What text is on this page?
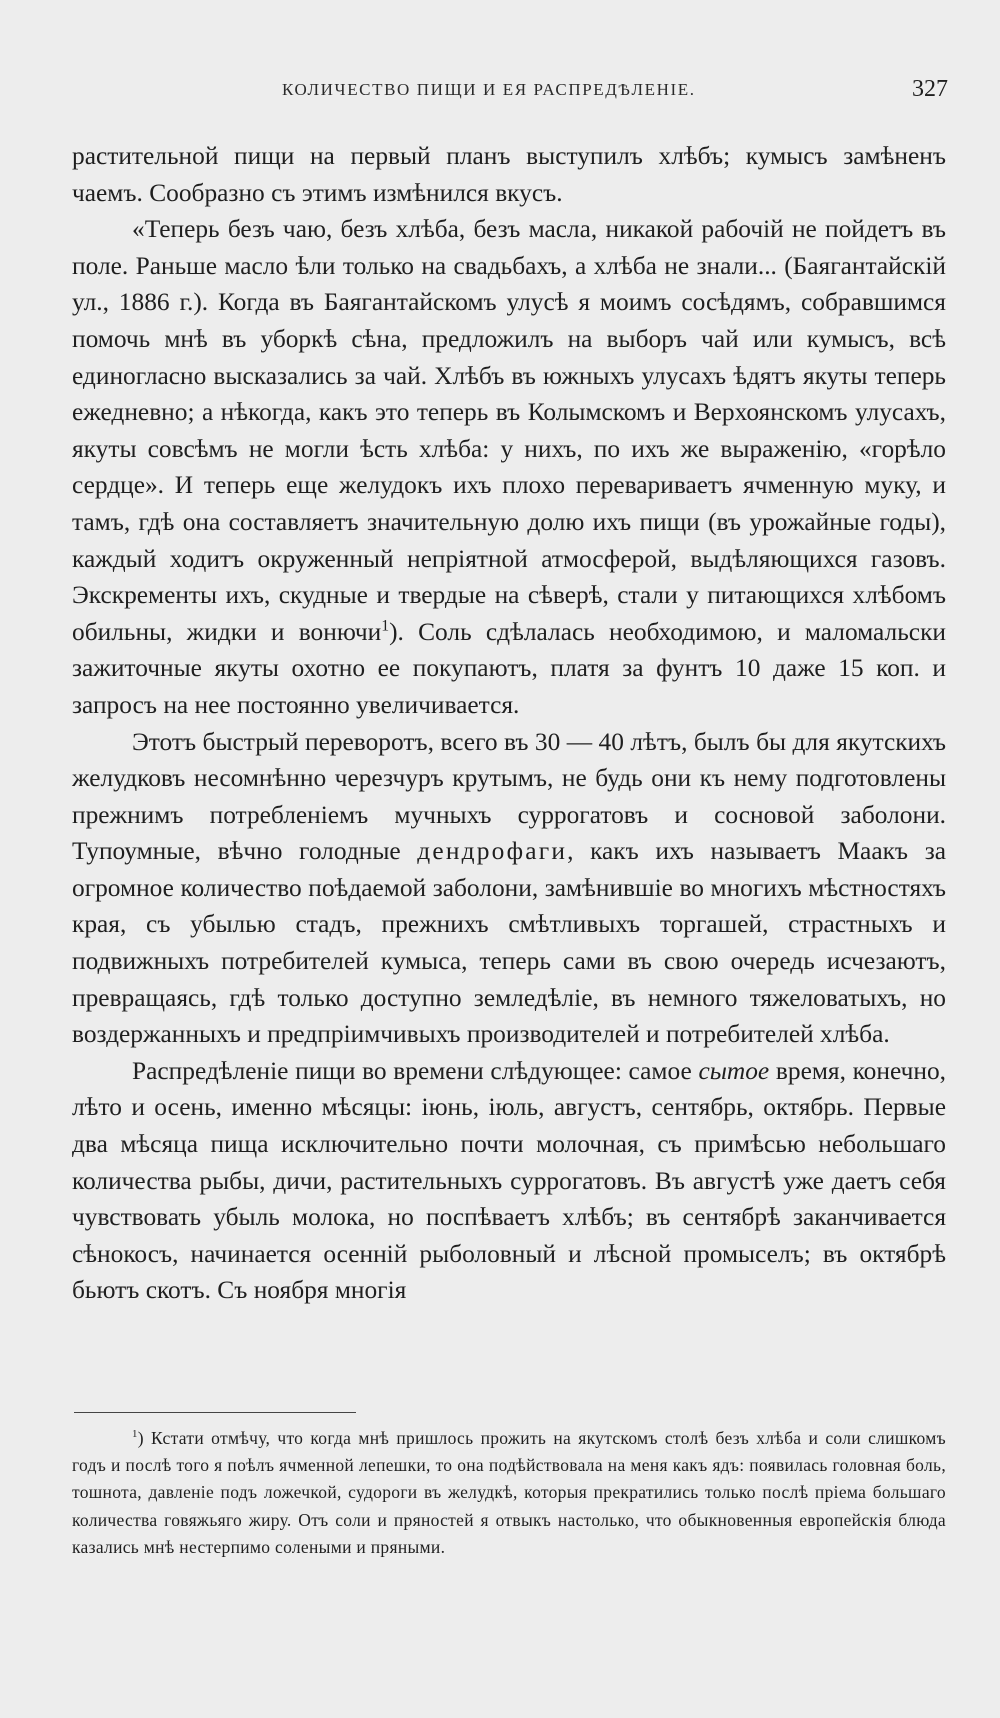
КОЛИЧЕСТВО ПИЩИ И ЕЯ РАСПРЕДѢЛЕНІЕ.	327

растительной пищи на первый планъ выступилъ хлѣбъ; кумысъ замѣненъ чаемъ. Сообразно съ этимъ измѣнился вкусъ.

«Теперь безъ чаю, безъ хлѣба, безъ масла, никакой рабочій не пойдетъ въ поле. Раньше масло ѣли только на свадьбахъ, а хлѣба не знали... (Баягантайскій ул., 1886 г.). Когда въ Баягантайскомъ улусѣ я моимъ сосѣдямъ, собравшимся помочь мнѣ въ уборкѣ сѣна, предложилъ на выборъ чай или кумысъ, всѣ единогласно высказались за чай. Хлѣбъ въ южныхъ улусахъ ѣдятъ якуты теперь ежедневно; а нѣкогда, какъ это теперь въ Колымскомъ и Верхоянскомъ улусахъ, якуты совсѣмъ не могли ѣсть хлѣба: у нихъ, по ихъ же выраженію, «горѣло сердце». И теперь еще желудокъ ихъ плохо перевариваетъ ячменную муку, и тамъ, гдѣ она составляетъ значительную долю ихъ пищи (въ урожайные годы), каждый ходитъ окруженный непріятной атмосферой, выдѣляющихся газовъ. Экскременты ихъ, скудные и твердые на сѣверѣ, стали у питающихся хлѣбомъ обильны, жидки и вонючи$^1$). Соль сдѣлалась необходимою, и маломальски зажиточные якуты охотно ее покупаютъ, платя за фунтъ 10 даже 15 коп. и запросъ на нее постоянно увеличивается.

Этотъ быстрый переворотъ, всего въ 30 — 40 лѣтъ, былъ бы для якутскихъ желудковъ несомнѣнно черезчуръ крутымъ, не будь они къ нему подготовлены прежнимъ потребленіемъ мучныхъ суррогатовъ и сосновой заболони. Тупоумные, вѣчно голодные дендрофаги, какъ ихъ называетъ Маакъ за огромное количество поѣдаемой заболони, замѣнившіе во многихъ мѣстностяхъ края, съ убылью стадъ, прежнихъ смѣтливыхъ торгашей, страстныхъ и подвижныхъ потребителей кумыса, теперь сами въ свою очередь исчезаютъ, превращаясь, гдѣ только доступно земледѣліе, въ немного тяжеловатыхъ, но воздержанныхъ и предпріимчивыхъ производителей и потребителей хлѣба.

Распредѣленіе пищи во времени слѣдующее: самое сытое время, конечно, лѣто и осень, именно мѣсяцы: іюнь, іюль, августъ, сентябрь, октябрь. Первые два мѣсяца пища исключительно почти молочная, съ примѣсью небольшаго количества рыбы, дичи, растительныхъ суррогатовъ. Въ августѣ уже даетъ себя чувствовать убыль молока, но поспѣваетъ хлѣбъ; въ сентябрѣ заканчивается сѣнокосъ, начинается осенній рыболовный и лѣсной промыселъ; въ октябрѣ бьютъ скотъ. Съ ноября многія

$^1$) Кстати отмѣчу, что когда мнѣ пришлось прожить на якутскомъ столѣ безъ хлѣба и соли слишкомъ годъ и послѣ того я поѣлъ ячменной лепешки, то она подѣйствовала на меня какъ ядъ: появилась головная боль, тошнота, давленіе подъ ложечкой, судороги въ желудкѣ, которыя прекратились только послѣ пріема большаго количества говяжьяго жиру. Отъ соли и пряностей я отвыкъ настолько, что обыкновенныя европейскія блюда казались мнѣ нестерпимо солеными и пряными.
